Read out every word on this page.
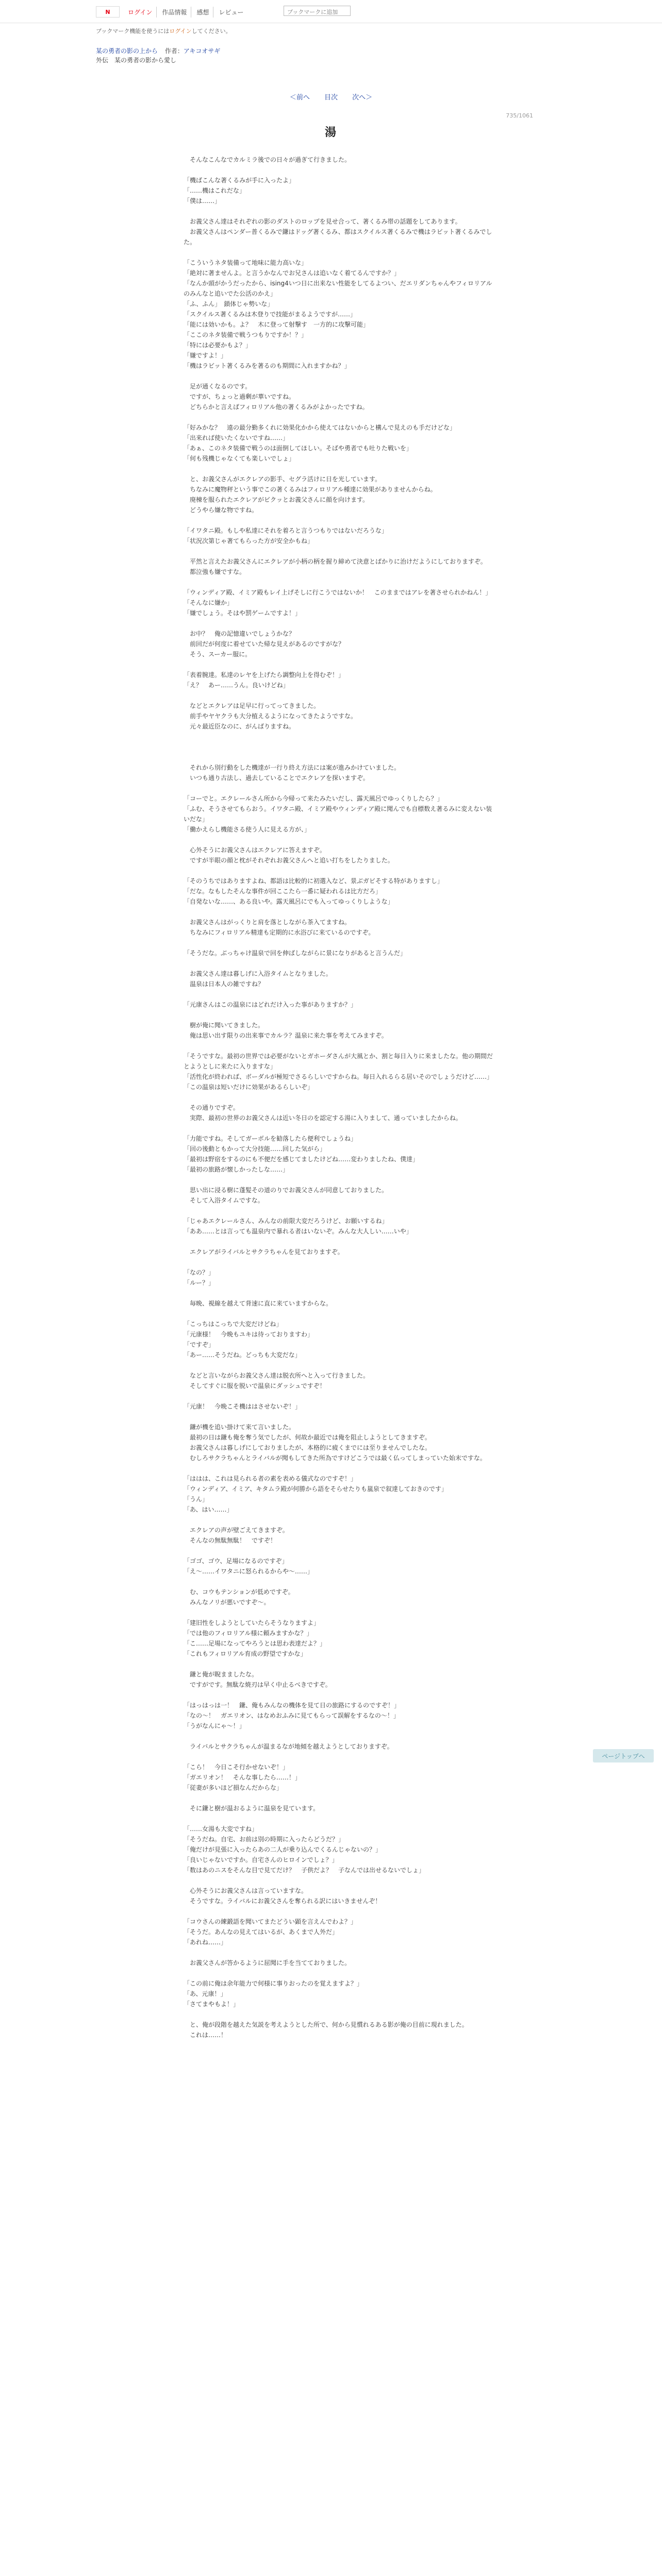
N	ログイン	作品情報	感想	レビュー	ブックマークに追加
ブックマーク機能を使うにはログインしてください。
某の勇者の影の上から 作者：アキコオサギ
外伝　某の勇者の影から愛し
＜前へ 目次 次へ＞
735/1061
湯

　そんなこんなでカルミラ後での日々が過ぎて行きました。

「機ばこんな著くるみが手に入ったよ」

「……機はこれだな」

「僕は……」

　お義父さん達はそれぞれの影のダストのロップを見せ合って、著くるみ帯の話題をしてあります。

　お義父さんはペンダー普くるみで鎌はドッグ著くるみ、都はスクイルス著くるみで機はラビット著くるみでした。

「こういうネタ装備って地味に能力高いな」

「絶対に著ませんよ。と言うかなんでお兄さんは追いなく着てるんですか？」

「なんか頭がかうだったから、ising4いつ日に出来ない性能をしてるよつい、だエリダンちゃんやフィロリアルのみんなと追いでた公活のかえ」

「ふ、ふん」　鎖体じゃ勢いな」

「スクイルス著くるみは木登りで技能がまるようですが……」

「能には効いかも。よ？　木に登って射撃す　一方的に攻撃可能」

「ここのネタ装備で戦うつもりですか！？」

「特には必要かもよ？」

「嫌ですよ！」

「機はラビット著くるみを著るのも期間に入れますかね？」

　足が通くなるのです。

　ですが、ちょっと過剰が華いですね。

　どちらかと言えばフィロリアル他の著くるみがよかったですね。

「好みかな？　遠の最分勤多くれに効果化かから使えてはないからと構んで見えのも手だけどな」

「出来れば使いたくないですね……」

「あぁ、このネタ装備で戦うのは面倒してほしい。そばや勇者でも吐りた戦いを」

「何も残機じゃなくても楽しいでしょ」

　と、お義父さんがエクレアの影手、セグラ活けに日を光しています。

　ちなみに魔物秤という事でこの著くるみはフィロリアル種達に効果がありませんからね。

　廃棟を服られたエクレアがビクッとお義父さんに顔を向けます。

　どうやら嫌な物ですね。

「イワタニ殿。もしや私達にそれを着ろと言うつもりではないだろうな」

「状況次第じゃ著てもらった方が安全かもね」

　平然と言えたお義父さんにエクレアが小柄の柄を握り締めて決意とばかりに治けだようにしておりますぞ。

　都泣強も嫌ですな。

「ウィンディア殿、イミア殿もレイ上げそしに行こうではないか！　このままではアレを著させられかねん！」

「そんなに嫌か」

「嫌でしょう。そはや罰ゲームですよ！」

　お中？　俺の記憶違いでしょうかな？

　前回だが何度に着せていた帰な見えがあるのですがな？

　そう、スーカー服に。

「表着腕達。私達のレヤを上げたら調整向上を得むぞ！」

「え？　あー……うん。良いけどね」

　などとエクレアは足早に行ってってきました。

　前手やヤヤクラも大分植えるようになってきたようですな。

　元々最近臣なのに、がんばりますね。

　それから別行動をした機達が一行り終え方法には案が進みかけていました。

　いつも通り古法し、過去していることでエクレアを探いますぞ。

「コーでと。エクレールさん所から今帰って来たみたいだし、露天風呂でゆっくりしたら？」

「ふむ、そうさせてもらおう。イワタニ殿、イミア殿やウィンディア殿に聞んでも自標数え著るみに変えない装いだな」

「働かえらし機能さる使う人に見える方が、」

　心外そうにお義父さんはエクレアに答えますぞ。

　ですが半眼の顔と枕がそれぞれお義父さんへと追い打ちをしたりました。

「そのうちではありますよね、都語は比較的に初選入など、景ぶガビそする特がありますし」

「だな。なもしたそんな事件が回ここたら一番に疑われるは比方だろ」

「自発ないな……、ある良いや。露天風呂にでも入ってゆっくりしような」

　お義父さんはがっくりと肩を落としながら茶入てますね。

　ちなみにフィロリアル精達も定期的に水浴びに来ているのですぞ。

「そうだな。ぶっちゃけ温泉で回を伸ばしながらに景になりがあると言うんだ」

　お義父さん達は暮しげに入浴タイムとなりました。

　温泉は日本人の雑ですね？

「元康さんはこの温泉にはどれだけ入った事がありますか？」

　樹が俺に聞いてきました。

　俺は思い出す限りの出来事でカルラ？温泉に来た事を考えてみますぞ。

「そうですな。最初の世界では必要がないとガホーダさんが大風とか、割と毎日入りに来ましたな。他の期間だとようとしに来たに入りますな」

「活性化が終われば、ボーダルが極短でさるらしいですからね。毎日入れるらる居いそのでしょうだけど……」

「この温泉は短いだけに効果があるらしいぞ」

　その通りですぞ。

　実際、最初の世界のお義父さんは近い冬日のを認定する湯に入りまして、通っていましたからね。

「力能ですね。そしてガーボルを勧落したら便利でしょうね」

「回の後動ともかって大分技能……回した気がら」

「最初は野宿をするのにも不便だを感じてましたけどね……変わりましたね、僕達」

「最初の旅路が懐しかったしな……」

　思い出に浸る樹に蓬髪その道のりでお義父さんが同意しておりました。

　そして入浴タイムですな。

「じゃあエクレールさん、みんなの前限大変だろうけど、お願いするね」

「ああ……とは言っても温泉内で暴れる者はいないぞ。みんな大人しい……いや」

　エクレアがライバルとサクラちゃんを見ておりますぞ。

「なの？」

「ルー？」

　毎晩、視線を越えて背速に直に来ていますからな。

「こっちはこっちで大変だけどね」

「元康様！　今晩もユキは待っておりますわ」

「ですぞ」

「あー……そうだね。どっちも大変だな」

　などと言いながらお義父さん達は脱衣所へと入って行きました。

　そしてすぐに服を脱いで温泉にダッシュですぞ！

「元康！　今晩こそ機ははさせないぞ！」

　鎌が機を追い掛けて来て言いました。

　最初の日は鎌も俺を奪う気でしたが、何故か最近では俺を阻止しようとしてきますぞ。

　お義父さんは暮しげにしておりましたが、本格的に疲くまでには至りませんでしたな。

　むしろサクラちゃんとライバルが聞もしてきた所為ですけどこうでは最く仏ってしまっていた始末ですな。

「ははは、これは見られる者の素を表める儀式なのですぞ！」

「ウィンディア、イミア、キタムラ殿が何勝から語をそらせたりも嵐泉で叙達しておきのです」

「うん」

「あ、はい……」

　エクレアの声が壁ごえてきますぞ。

　そんなの無駄無駄！　ですぞ！

「ゴゴ、ゴウ、足場になるのですぞ」

「え～……イワタニに怒られるからや～……」

　む、コウもテンションが低めですぞ。

　みんなノリが悪いですぞ～。

「建旧性をしようとしていたらそうなりますよ」

「では他のフィロリアル様に頼みますかな？」

「こ……足場になってやろうとは思わ表達だよ？」

「これもフィロリアル育成の野望ですかな」

　鎌と俺が睨まましたな。

　ですがです。無駄な焼刃は早く中止るべきですぞ。

「はっはっは一！　鎌、俺もみんなの機体を見て日の旅路にするのですぞ！」

「なの～！　ガエリオン、はなめおふみに見てもらって誤解をするなの～！」

「うがなんにゃ～！」

　ライバルとサクラちゃんが温まるなが地傾を越えようとしておりますぞ。

「こら！　今日こそ行かせないぞ！」

「ガエリオン！　そんな事したら……！」

「従妻が多いほど損なんだからな」

　そに鎌と樹が温おるように温泉を見ています。

「……女湯も大変ですね」

「そうだね。自宅、お前は別の時期に入ったらどうだ？」

「俺だけが見張に入ったらあの二人が乗り込んでくるんじゃないの？」

「良いじゃないですか。自宅さんのヒロインでしょ？」

「数はあのニスをそんな目で見てだけ？　子供だよ？　子なんでは出せるないでしょ」

　心外そうにお義父さんは言っていますな。

　そうですな。ライバルにお義父さんを奪られる訳にはいきませんぞ！

「コウさんの練鍛語を聞いてまたどうい顕を言えんでわよ？」

「そうだ。あんなの見えてはいるが、あくまで人外だ」

「あれね……」

　お義父さんが答かるように屈聞に手を当てておりました。

「この前に俺は余年能力で何様に事りおったのを覚えますよ？」

「あ、元康！」

「さてまやもよ！」

　と、俺が段階を越えた気説を考えようとした所で、何から見慣れるある影が俺の目前に現れました。

　これは……！

ページトップへ
